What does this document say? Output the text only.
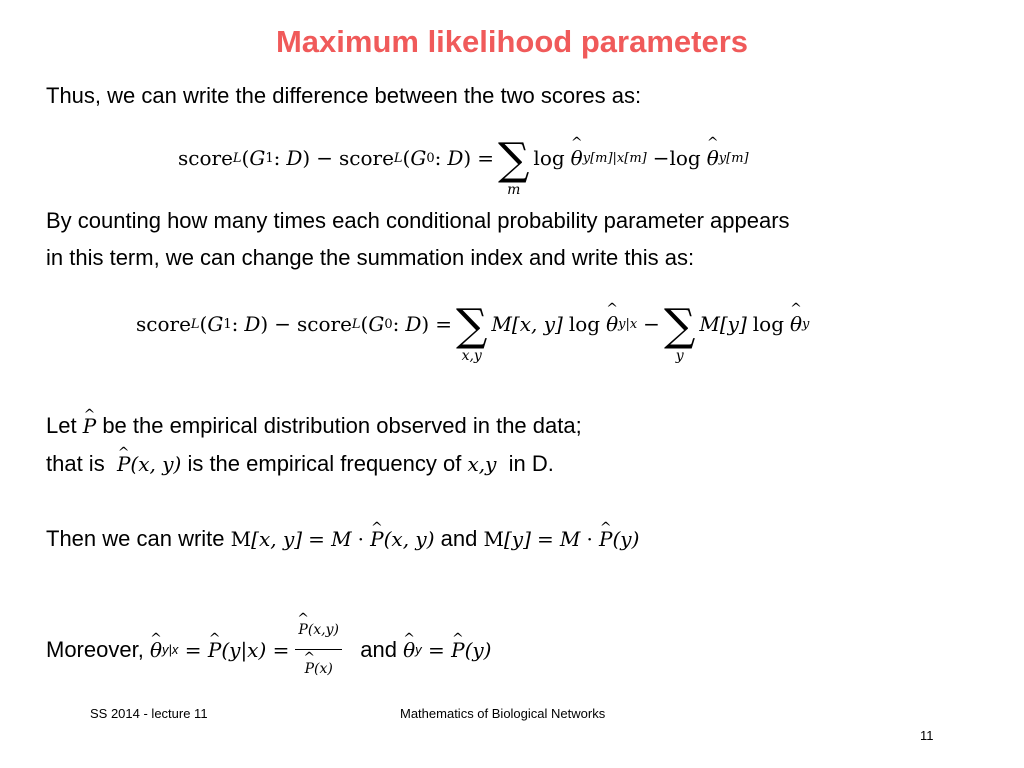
Maximum likelihood parameters
Thus, we can write the difference between the two scores as:
score L ( G 1 : D ) − score L ( G 0 : D ) = ∑
m
log ^ θ y[m]|x[m] − log ^ θ y[m]
By counting how many times each conditional probability parameter appears
in this term, we can change the summation index and write this as:
score L ( G 1 : D ) − score L ( G 0 : D ) = ∑
x,y
M[x, y] log ^ θ y|x − ∑
y
M[y] log ^ θ y
Let ^ P be the empirical distribution observed in the data;
that is ^ P(x, y) is the empirical frequency of x,y in D.
Then we can write M[x, y] = M · ^ P(x, y) and M[y] = M · ^ P(y)
Moreover,
^ θ y|x = ^ P (y|x) = ^ P(x,y)
^ P(x)
and
^ θ y = ^ P (y)
SS 2014 - lecture 11	Mathematics of Biological Networks
11
